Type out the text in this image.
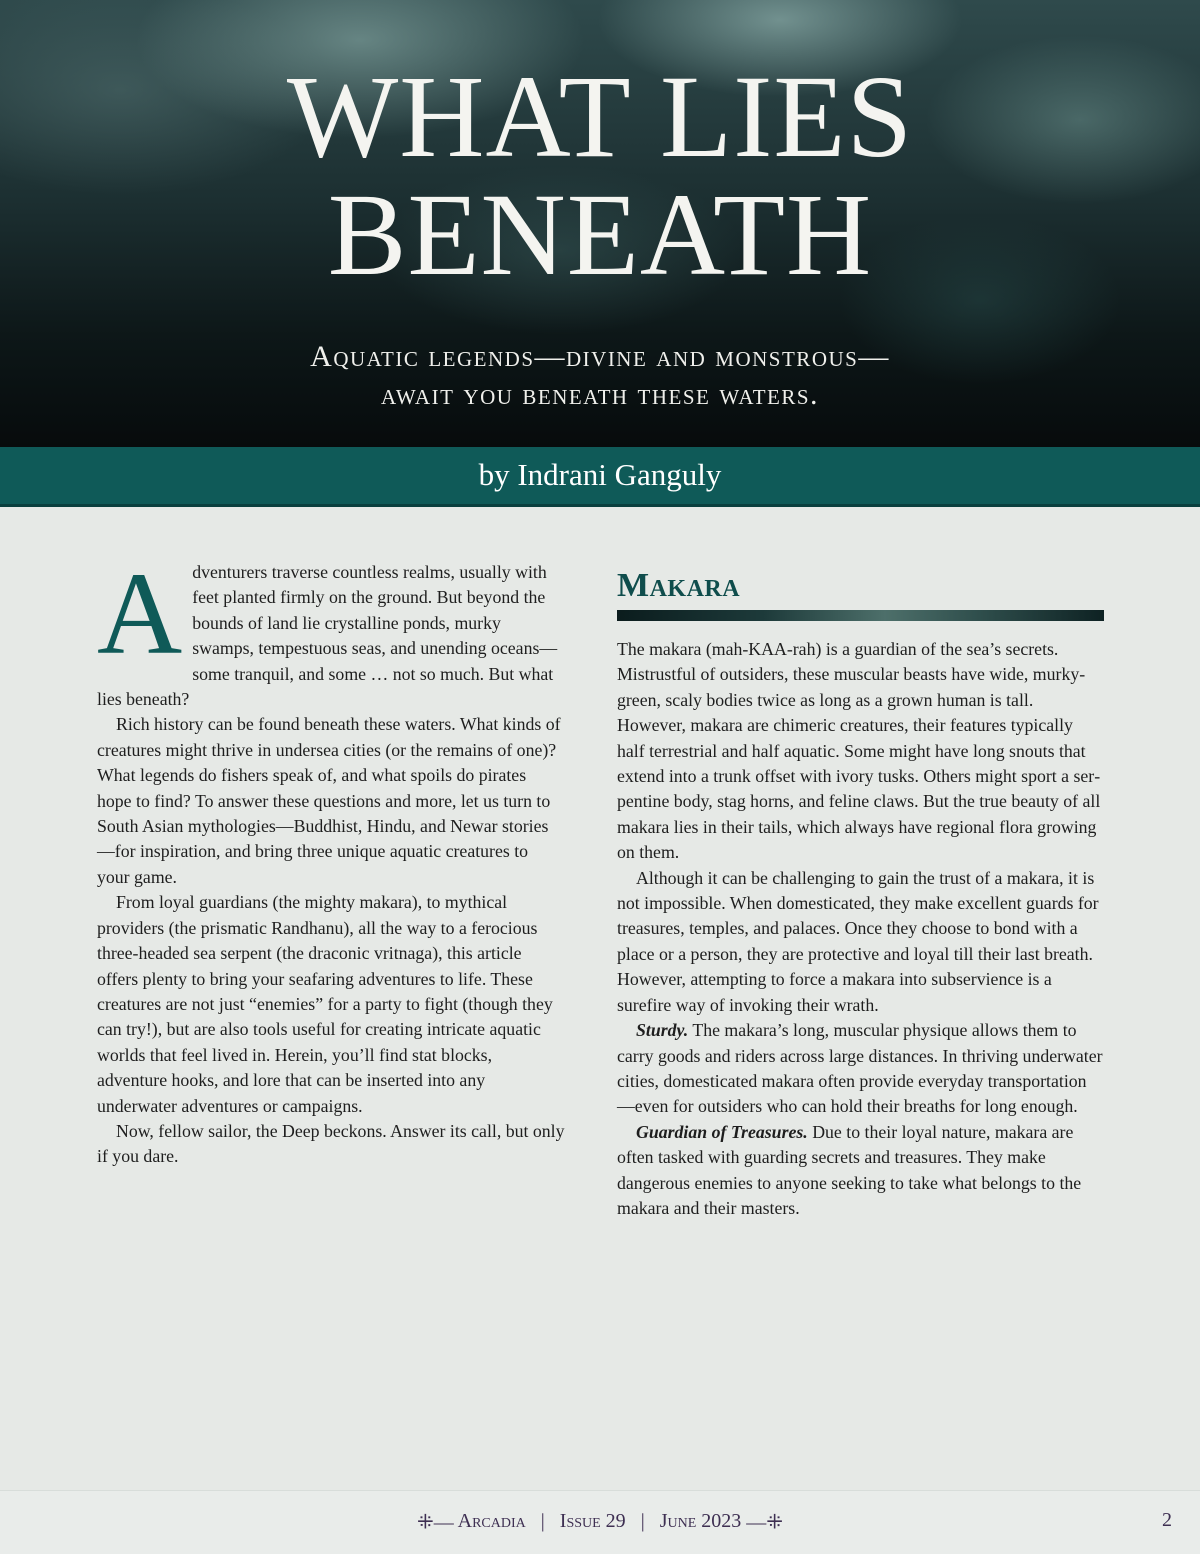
WHAT LIES
BENEATH

Aquatic legends—divine and monstrous—
await you beneath these waters.

by Indrani Ganguly

Adventurers traverse countless realms, usually with feet planted firmly on the ground. But beyond the bounds of land lie crystalline ponds, murky swamps, tempestuous seas, and unending oceans—some tranquil, and some … not so much. But what lies beneath?

Rich history can be found beneath these waters. What kinds of creatures might thrive in undersea cities (or the remains of one)? What legends do fishers speak of, and what spoils do pirates hope to find? To answer these questions and more, let us turn to South Asian mythologies—Buddhist, Hindu, and Newar stories—for inspiration, and bring three unique aquatic creatures to your game.

From loyal guardians (the mighty makara), to mythical providers (the prismatic Randhanu), all the way to a ferocious three-headed sea serpent (the draconic vritnaga), this article offers plenty to bring your seafaring adventures to life. These creatures are not just “enemies” for a party to fight (though they can try!), but are also tools useful for creating intricate aquatic worlds that feel lived in. Herein, you’ll find stat blocks, adventure hooks, and lore that can be inserted into any underwater adventures or campaigns.

Now, fellow sailor, the Deep beckons. Answer its call, but only if you dare.

Makara

The makara (mah-KAA-rah) is a guardian of the sea’s secrets. Mistrustful of outsiders, these muscular beasts have wide, murky-green, scaly bodies twice as long as a grown human is tall. However, makara are chimeric creatures, their features typically half terrestrial and half aquatic. Some might have long snouts that extend into a trunk offset with ivory tusks. Others might sport a serpentine body, stag horns, and feline claws. But the true beauty of all makara lies in their tails, which always have regional flora growing on them.

Although it can be challenging to gain the trust of a makara, it is not impossible. When domesticated, they make excellent guards for treasures, temples, and palaces. Once they choose to bond with a place or a person, they are protective and loyal till their last breath. However, attempting to force a makara into subservience is a surefire way of invoking their wrath.

Sturdy. The makara’s long, muscular physique allows them to carry goods and riders across large distances. In thriving underwater cities, domesticated makara often provide everyday transportation—even for outsiders who can hold their breaths for long enough.

Guardian of Treasures. Due to their loyal nature, makara are often tasked with guarding secrets and treasures. They make dangerous enemies to anyone seeking to take what belongs to the makara and their masters.

⁜— Arcadia | Issue 29 | June 2023 —⁜	2
